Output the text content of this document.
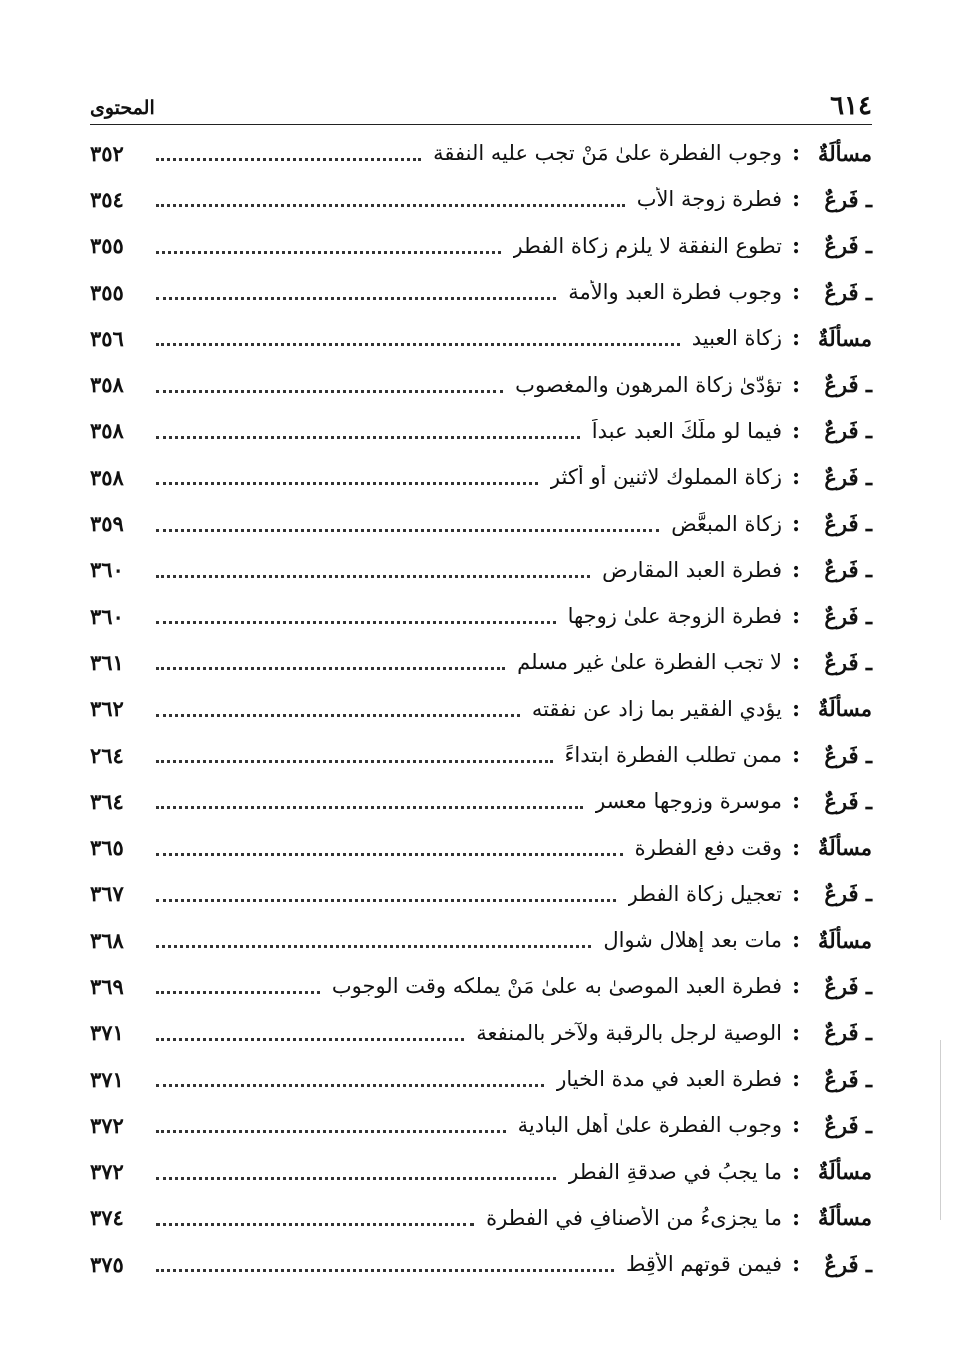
٦١٤
المحتوى
مسألَةٌ
:
وجوب الفطرة علىٰ مَنْ تجب عليه النفقة
٣٥٢
ـ فَرعٌ
:
فطرة زوجة الأب
٣٥٤
ـ فَرعٌ
:
تطوع النفقة لا يلزم زكاة الفطر
٣٥٥
ـ فَرعٌ
:
وجوب فطرة العبد والأمة
٣٥٥
مسألَةٌ
:
زكاة العبيد
٣٥٦
ـ فَرعٌ
:
تؤدّىٰ زكاة المرهون والمغصوب
٣٥٨
ـ فَرعٌ
:
فيما لو ملّكَ العبد عبداً
٣٥٨
ـ فَرعٌ
:
زكاة المملوك لاثنين أو أكثر
٣٥٨
ـ فَرعٌ
:
زكاة المبعَّض
٣٥٩
ـ فَرعٌ
:
فطرة العبد المقارض
٣٦٠
ـ فَرعٌ
:
فطرة الزوجة علىٰ زوجها
٣٦٠
ـ فَرعٌ
:
لا تجب الفطرة علىٰ غير مسلم
٣٦١
مسألَةٌ
:
يؤدي الفقير بما زاد عن نفقته
٣٦٢
ـ فَرعٌ
:
ممن تطلب الفطرة ابتداءً
٢٦٤
ـ فَرعٌ
:
موسرة وزوجها معسر
٣٦٤
مسألَةٌ
:
وقت دفع الفطرة
٣٦٥
ـ فَرعٌ
:
تعجيل زكاة الفطر
٣٦٧
مسألَةٌ
:
مات بعد إهلال شوال
٣٦٨
ـ فَرعٌ
:
فطرة العبد الموصىٰ به علىٰ مَنْ يملكه وقت الوجوب
٣٦٩
ـ فَرعٌ
:
الوصية لرجل بالرقبة ولآخر بالمنفعة
٣٧١
ـ فَرعٌ
:
فطرة العبد في مدة الخيار
٣٧١
ـ فَرعٌ
:
وجوب الفطرة علىٰ أهل البادية
٣٧٢
مسألَةٌ
:
ما يجبُ في صدقةِ الفطرِ
٣٧٢
مسألَةٌ
:
ما يجزىءُ من الأصنافِ في الفطرة
٣٧٤
ـ فَرعٌ
:
فيمن قوتهم الأَقِط
٣٧٥
